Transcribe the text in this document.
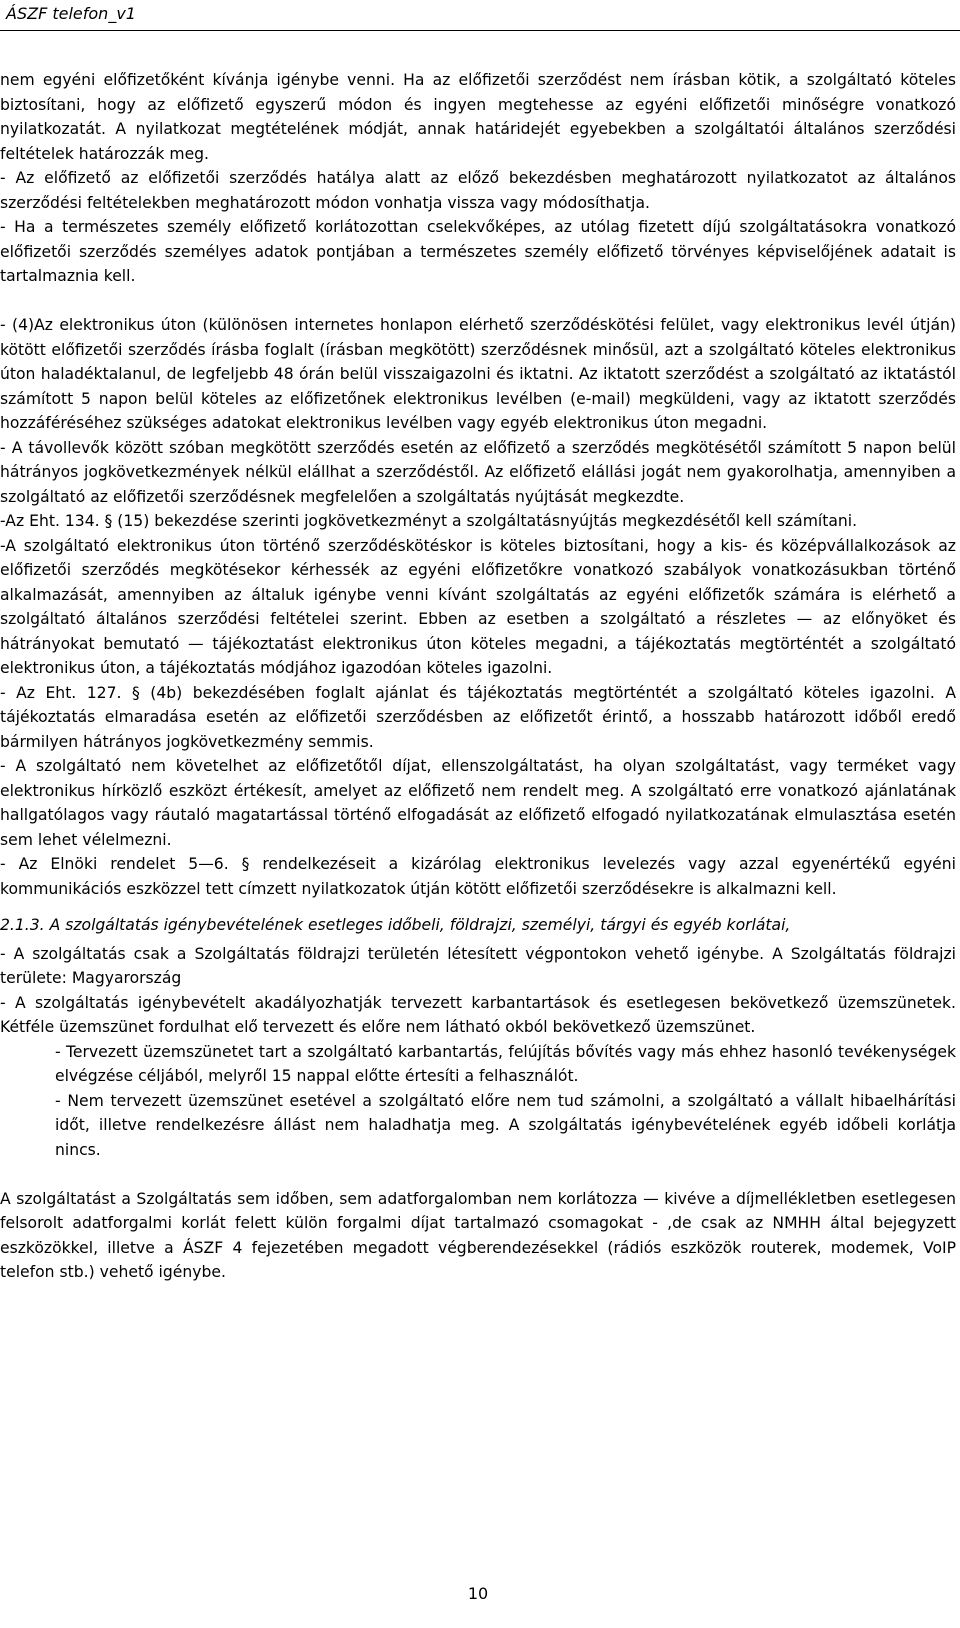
ÁSZF telefon_v1

nem egyéni előfizetőként kívánja igénybe venni. Ha az előfizetői szerződést nem írásban kötik, a szolgáltató köteles biztosítani, hogy az előfizető egyszerű módon és ingyen megtehesse az egyéni előfizetői minőségre vonatkozó nyilatkozatát. A nyilatkozat megtételének módját, annak határidejét egyebekben a szolgáltatói általános szerződési feltételek határozzák meg.

- Az előfizető az előfizetői szerződés hatálya alatt az előző bekezdésben meghatározott nyilatkozatot az általános szerződési feltételekben meghatározott módon vonhatja vissza vagy módosíthatja.

- Ha a természetes személy előfizető korlátozottan cselekvőképes, az utólag fizetett díjú szolgáltatásokra vonatkozó előfizetői szerződés személyes adatok pontjában a természetes személy előfizető törvényes képviselőjének adatait is tartalmaznia kell.

- (4)Az elektronikus úton (különösen internetes honlapon elérhető szerződéskötési felület, vagy elektronikus levél útján) kötött előfizetői szerződés írásba foglalt (írásban megkötött) szerződésnek minősül, azt a szolgáltató köteles elektronikus úton haladéktalanul, de legfeljebb 48 órán belül visszaigazolni és iktatni. Az iktatott szerződést a szolgáltató az iktatástól számított 5 napon belül köteles az előfizetőnek elektronikus levélben (e-mail) megküldeni, vagy az iktatott szerződés hozzáféréséhez szükséges adatokat elektronikus levélben vagy egyéb elektronikus úton megadni.

- A távollevők között szóban megkötött szerződés esetén az előfizető a szerződés megkötésétől számított 5 napon belül hátrányos jogkövetkezmények nélkül elállhat a szerződéstől. Az előfizető elállási jogát nem gyakorolhatja, amennyiben a szolgáltató az előfizetői szerződésnek megfelelően a szolgáltatás nyújtását megkezdte.

-Az Eht. 134. § (15) bekezdése szerinti jogkövetkezményt a szolgáltatásnyújtás megkezdésétől kell számítani.

-A szolgáltató elektronikus úton történő szerződéskötéskor is köteles biztosítani, hogy a kis- és középvállalkozások az előfizetői szerződés megkötésekor kérhessék az egyéni előfizetőkre vonatkozó szabályok vonatkozásukban történő alkalmazását, amennyiben az általuk igénybe venni kívánt szolgáltatás az egyéni előfizetők számára is elérhető a szolgáltató általános szerződési feltételei szerint. Ebben az esetben a szolgáltató a részletes — az előnyöket és hátrányokat bemutató — tájékoztatást elektronikus úton köteles megadni, a tájékoztatás megtörténtét a szolgáltató elektronikus úton, a tájékoztatás módjához igazodóan köteles igazolni.

- Az Eht. 127. § (4b) bekezdésében foglalt ajánlat és tájékoztatás megtörténtét a szolgáltató köteles igazolni. A tájékoztatás elmaradása esetén az előfizetői szerződésben az előfizetőt érintő, a hosszabb határozott időből eredő bármilyen hátrányos jogkövetkezmény semmis.

- A szolgáltató nem követelhet az előfizetőtől díjat, ellenszolgáltatást, ha olyan szolgáltatást, vagy terméket vagy elektronikus hírközlő eszközt értékesít, amelyet az előfizető nem rendelt meg. A szolgáltató erre vonatkozó ajánlatának hallgatólagos vagy ráutaló magatartással történő elfogadását az előfizető elfogadó nyilatkozatának elmulasztása esetén sem lehet vélelmezni.

- Az Elnöki rendelet 5—6. § rendelkezéseit a kizárólag elektronikus levelezés vagy azzal egyenértékű egyéni kommunikációs eszközzel tett címzett nyilatkozatok útján kötött előfizetői szerződésekre is alkalmazni kell.

2.1.3. A szolgáltatás igénybevételének esetleges időbeli, földrajzi, személyi, tárgyi és egyéb korlátai,

- A szolgáltatás csak a Szolgáltatás földrajzi területén létesített végpontokon vehető igénybe. A Szolgáltatás földrajzi területe: Magyarország

- A szolgáltatás igénybevételt akadályozhatják tervezett karbantartások és esetlegesen bekövetkező üzemszünetek. Kétféle üzemszünet fordulhat elő tervezett és előre nem látható okból bekövetkező üzemszünet.

- Tervezett üzemszünetet tart a szolgáltató karbantartás, felújítás bővítés vagy más ehhez hasonló tevékenységek elvégzése céljából, melyről 15 nappal előtte értesíti a felhasználót.

- Nem tervezett üzemszünet esetével a szolgáltató előre nem tud számolni, a szolgáltató a vállalt hibaelhárítási időt, illetve rendelkezésre állást nem haladhatja meg. A szolgáltatás igénybevételének egyéb időbeli korlátja nincs.

A szolgáltatást a Szolgáltatás sem időben, sem adatforgalomban nem korlátozza — kivéve a díjmellékletben esetlegesen felsorolt adatforgalmi korlát felett külön forgalmi díjat tartalmazó csomagokat - ,de csak az NMHH által bejegyzett eszközökkel, illetve a ÁSZF 4 fejezetében megadott végberendezésekkel (rádiós eszközök routerek, modemek, VoIP telefon stb.) vehető igénybe.

10
